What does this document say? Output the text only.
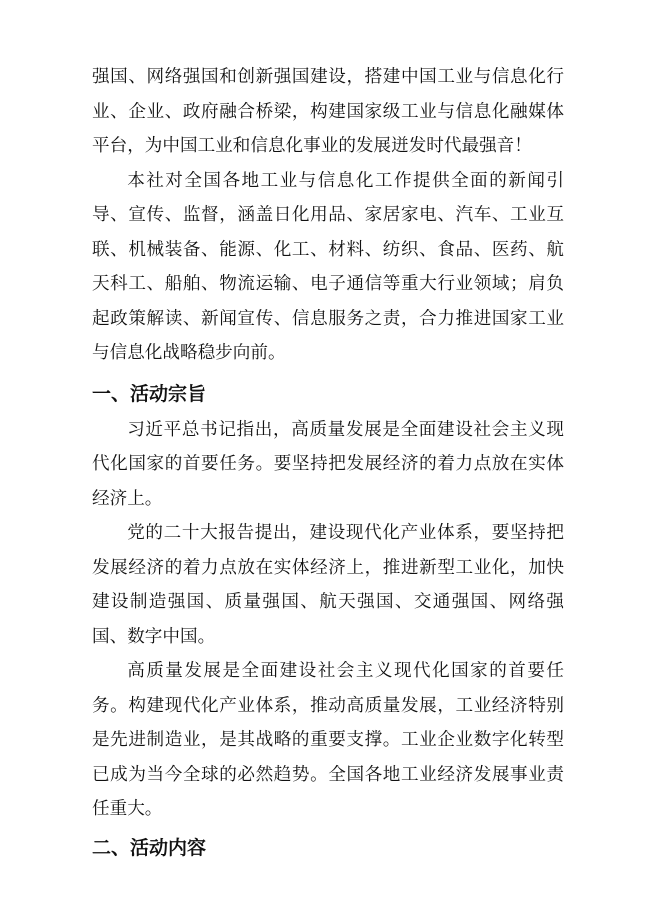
强国、网络强国和创新强国建设，搭建中国工业与信息化行业、企业、政府融合桥梁，构建国家级工业与信息化融媒体平台，为中国工业和信息化事业的发展迸发时代最强音！

本社对全国各地工业与信息化工作提供全面的新闻引导、宣传、监督，涵盖日化用品、家居家电、汽车、工业互联、机械装备、能源、化工、材料、纺织、食品、医药、航天科工、船舶、物流运输、电子通信等重大行业领域；肩负起政策解读、新闻宣传、信息服务之责，合力推进国家工业与信息化战略稳步向前。

一、活动宗旨

习近平总书记指出，高质量发展是全面建设社会主义现代化国家的首要任务。要坚持把发展经济的着力点放在实体经济上。

党的二十大报告提出，建设现代化产业体系，要坚持把发展经济的着力点放在实体经济上，推进新型工业化，加快建设制造强国、质量强国、航天强国、交通强国、网络强国、数字中国。

高质量发展是全面建设社会主义现代化国家的首要任务。构建现代化产业体系，推动高质量发展，工业经济特别是先进制造业，是其战略的重要支撑。工业企业数字化转型已成为当今全球的必然趋势。全国各地工业经济发展事业责任重大。

二、活动内容
